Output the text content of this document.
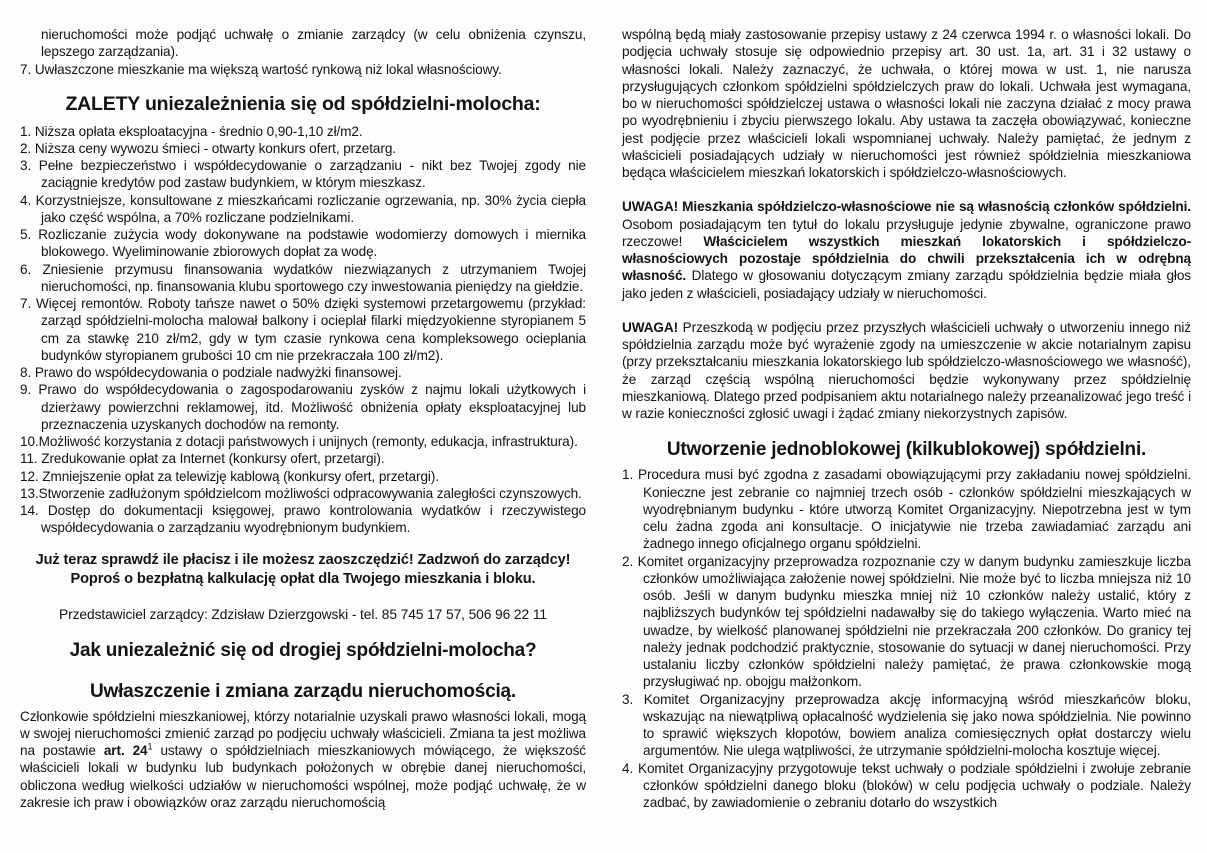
nieruchomości może podjąć uchwałę o zmianie zarządcy (w celu obniżenia czynszu, lepszego zarządzania).
7. Uwłaszczone mieszkanie ma większą wartość rynkową niż lokal własnościowy.
ZALETY uniezależnienia się od spółdzielni-molocha:
1. Niższa opłata eksploatacyjna - średnio 0,90-1,10 zł/m2.
2. Niższa ceny wywozu śmieci - otwarty konkurs ofert, przetarg.
3. Pełne bezpieczeństwo i współdecydowanie o zarządzaniu - nikt bez Twojej zgody nie zaciągnie kredytów pod zastaw budynkiem, w którym mieszkasz.
4. Korzystniejsze, konsultowane z mieszkańcami rozliczanie ogrzewania, np. 30% życia ciepła jako część wspólna, a 70% rozliczane podzielnikami.
5. Rozliczanie zużycia wody dokonywane na podstawie wodomierzy domowych i miernika blokowego. Wyeliminowanie zbiorowych dopłat za wodę.
6. Zniesienie przymusu finansowania wydatków niezwiązanych z utrzymaniem Twojej nieruchomości, np. finansowania klubu sportowego czy inwestowania pieniędzy na giełdzie.
7. Więcej remontów. Roboty tańsze nawet o 50% dzięki systemowi przetargowemu (przykład: zarząd spółdzielni-molocha malował balkony i ocieplał filarki międzyokienne styropianem 5 cm za stawkę 210 zł/m2, gdy w tym czasie rynkowa cena kompleksowego ocieplania budynków styropianem grubości 10 cm nie przekraczała 100 zł/m2).
8. Prawo do współdecydowania o podziale nadwyżki finansowej.
9. Prawo do współdecydowania o zagospodarowaniu zysków z najmu lokali użytkowych i dzierżawy powierzchni reklamowej, itd. Możliwość obniżenia opłaty eksploatacyjnej lub przeznaczenia uzyskanych dochodów na remonty.
10.Możliwość korzystania z dotacji państwowych i unijnych (remonty, edukacja, infrastruktura).
11. Zredukowanie opłat za Internet (konkursy ofert, przetargi).
12. Zmniejszenie opłat za telewizję kablową (konkursy ofert, przetargi).
13.Stworzenie zadłużonym spółdzielcom możliwości odpracowywania zaległości czynszowych.
14. Dostęp do dokumentacji księgowej, prawo kontrolowania wydatków i rzeczywistego współdecydowania o zarządzaniu wyodrębnionym budynkiem.
Już teraz sprawdź ile płacisz i ile możesz zaoszczędzić! Zadzwoń do zarządcy!
Poproś o bezpłatną kalkulację opłat dla Twojego mieszkania i bloku.
Przedstawiciel zarządcy: Zdzisław Dzierzgowski - tel. 85 745 17 57, 506 96 22 11
Jak uniezależnić się od drogiej spółdzielni-molocha?
Uwłaszczenie i zmiana zarządu nieruchomością.

Członkowie spółdzielni mieszkaniowej, którzy notarialnie uzyskali prawo własności lokali, mogą w swojej nieruchomości zmienić zarząd po podjęciu uchwały właścicieli. Zmiana ta jest możliwa na postawie art. $24^1$ ustawy o spółdzielniach mieszkaniowych mówiącego, że większość właścicieli lokali w budynku lub budynkach położonych w obrębie danej nieruchomości, obliczona według wielkości udziałów w nieruchomości wspólnej, może podjąć uchwałę, że w zakresie ich praw i obowiązków oraz zarządu nieruchomością

wspólną będą miały zastosowanie przepisy ustawy z 24 czerwca 1994 r. o własności lokali. Do podjęcia uchwały stosuje się odpowiednio przepisy art. 30 ust. 1a, art. 31 i 32 ustawy o własności lokali. Należy zaznaczyć, że uchwała, o której mowa w ust. 1, nie narusza przysługujących członkom spółdzielni spółdzielczych praw do lokali. Uchwała jest wymagana, bo w nieruchomości spółdzielczej ustawa o własności lokali nie zaczyna działać z mocy prawa po wyodrębnieniu i zbyciu pierwszego lokalu. Aby ustawa ta zaczęła obowiązywać, konieczne jest podjęcie przez właścicieli lokali wspomnianej uchwały. Należy pamiętać, że jednym z właścicieli posiadających udziały w nieruchomości jest również spółdzielnia mieszkaniowa będąca właścicielem mieszkań lokatorskich i spółdzielczo-własnościowych.

UWAGA! Mieszkania spółdzielczo-własnościowe nie są własnością członków spółdzielni. Osobom posiadającym ten tytuł do lokalu przysługuje jedynie zbywalne, ograniczone prawo rzeczowe! Właścicielem wszystkich mieszkań lokatorskich i spółdzielczo-własnościowych pozostaje spółdzielnia do chwili przekształcenia ich w odrębną własność. Dlatego w głosowaniu dotyczącym zmiany zarządu spółdzielnia będzie miała głos jako jeden z właścicieli, posiadający udziały w nieruchomości.

UWAGA! Przeszkodą w podjęciu przez przyszłych właścicieli uchwały o utworzeniu innego niż spółdzielnia zarządu może być wyrażenie zgody na umieszczenie w akcie notarialnym zapisu (przy przekształcaniu mieszkania lokatorskiego lub spółdzielczo-własnościowego we własność), że zarząd częścią wspólną nieruchomości będzie wykonywany przez spółdzielnię mieszkaniową. Dlatego przed podpisaniem aktu notarialnego należy przeanalizować jego treść i w razie konieczności zgłosić uwagi i żądać zmiany niekorzystnych zapisów.

Utworzenie jednoblokowej (kilkublokowej) spółdzielni.
1. Procedura musi być zgodna z zasadami obowiązującymi przy zakładaniu nowej spółdzielni. Konieczne jest zebranie co najmniej trzech osób - członków spółdzielni mieszkających w wyodrębnianym budynku - które utworzą Komitet Organizacyjny. Niepotrzebna jest w tym celu żadna zgoda ani konsultacje. O inicjatywie nie trzeba zawiadamiać zarządu ani żadnego innego oficjalnego organu spółdzielni.
2. Komitet organizacyjny przeprowadza rozpoznanie czy w danym budynku zamieszkuje liczba członków umożliwiająca założenie nowej spółdzielni. Nie może być to liczba mniejsza niż 10 osób. Jeśli w danym budynku mieszka mniej niż 10 członków należy ustalić, który z najbliższych budynków tej spółdzielni nadawałby się do takiego wyłączenia. Warto mieć na uwadze, by wielkość planowanej spółdzielni nie przekraczała 200 członków. Do granicy tej należy jednak podchodzić praktycznie, stosowanie do sytuacji w danej nieruchomości. Przy ustalaniu liczby członków spółdzielni należy pamiętać, że prawa członkowskie mogą przysługiwać np. obojgu małżonkom.
3. Komitet Organizacyjny przeprowadza akcję informacyjną wśród mieszkańców bloku, wskazując na niewątpliwą opłacalność wydzielenia się jako nowa spółdzielnia. Nie powinno to sprawić większych kłopotów, bowiem analiza comiesięcznych opłat dostarczy wielu argumentów. Nie ulega wątpliwości, że utrzymanie spółdzielni-molocha kosztuje więcej.
4. Komitet Organizacyjny przygotowuje tekst uchwały o podziale spółdzielni i zwołuje zebranie członków spółdzielni danego bloku (bloków) w celu podjęcia uchwały o podziale. Należy zadbać, by zawiadomienie o zebraniu dotarło do wszystkich
